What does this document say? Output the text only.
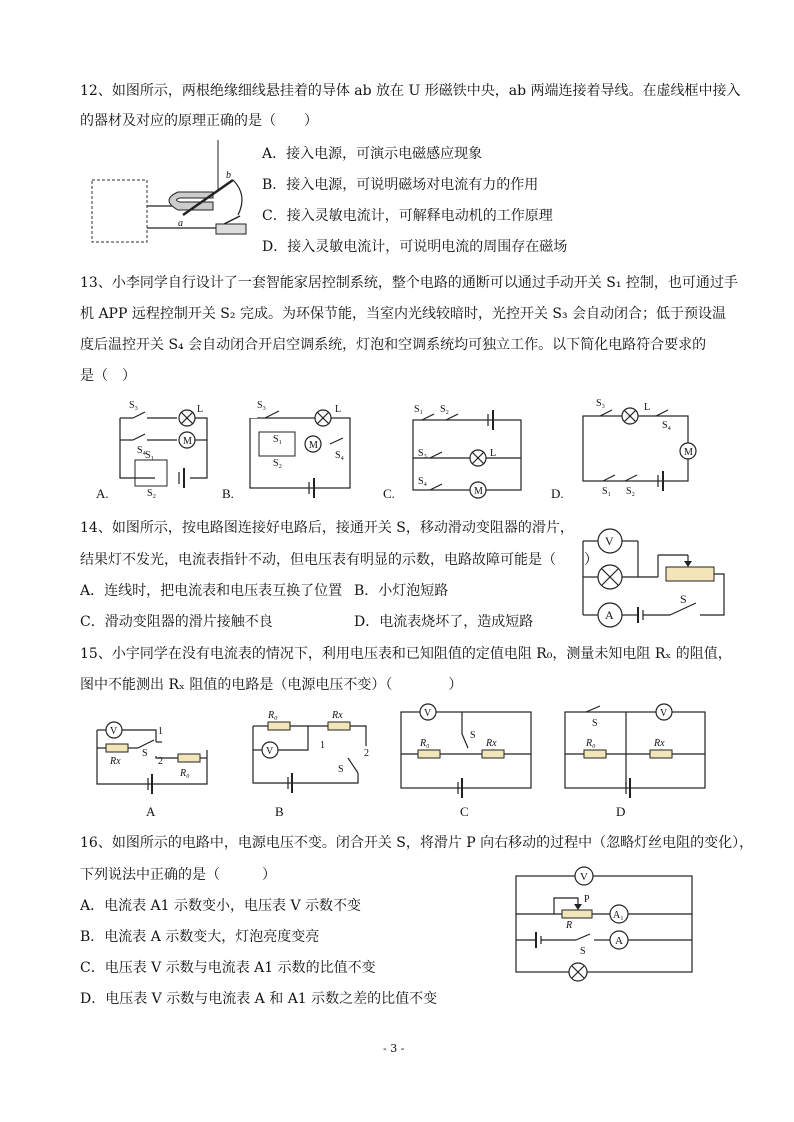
12、如图所示，两根绝缘细线悬挂着的导体 ab 放在 U 形磁铁中央，ab 两端连接着导线。在虚线框中接入
的器材及对应的原理正确的是（　　）
A．接入电源，可演示电磁感应现象
B．接入电源，可说明磁场对电流有力的作用
C．接入灵敏电流计，可解释电动机的工作原理
D．接入灵敏电流计，可说明电流的周围存在磁场
a
b
13、小李同学自行设计了一套智能家居控制系统，整个电路的通断可以通过手动开关 S₁ 控制，也可通过手
机 APP 远程控制开关 S₂ 完成。为环保节能，当室内光线较暗时，光控开关 S₃ 会自动闭合；低于预设温
度后温控开关 S₄ 会自动闭合开启空调系统，灯泡和空调系统均可独立工作。以下简化电路符合要求的
是（　）
S₃	L
S₄
M
S₁
S₂
A.
S₃	L
S₁
S₂
M
S₄
B.
S₁ S₂
S₃	L
S₄
M
C.
S₃	L
S₄
M
S₁ S₂
D.
14、如图所示，按电路图连接好电路后，接通开关 S，移动滑动变阻器的滑片，
结果灯不发光，电流表指针不动，但电压表有明显的示数，电路故障可能是（　　）
A．连线时，把电流表和电压表互换了位置 B．小灯泡短路
C．滑动变阻器的滑片接触不良	D．电流表烧坏了，造成短路
V
A
S
15、小宇同学在没有电流表的情况下，利用电压表和已知阻值的定值电阻 R₀，测量未知电阻 Rₓ 的阻值，
图中不能测出 Rₓ 阻值的电路是（电源电压不变）（　　　　）
V
Rx
S
1
2
R₀
A
R₀	Rx
V
1
2
S
B
V
S
R₀	Rx
C
S
V
R₀	Rx
D
16、如图所示的电路中，电源电压不变。闭合开关 S，将滑片 P 向右移动的过程中（忽略灯丝电阻的变化），
下列说法中正确的是（　　　）
A．电流表 A1 示数变小，电压表 V 示数不变
B．电流表 A 示数变大，灯泡亮度变亮
C．电压表 V 示数与电流表 A1 示数的比值不变
D．电压表 V 示数与电流表 A 和 A1 示数之差的比值不变
V
R
P
A₁
S
A
- 3 -
